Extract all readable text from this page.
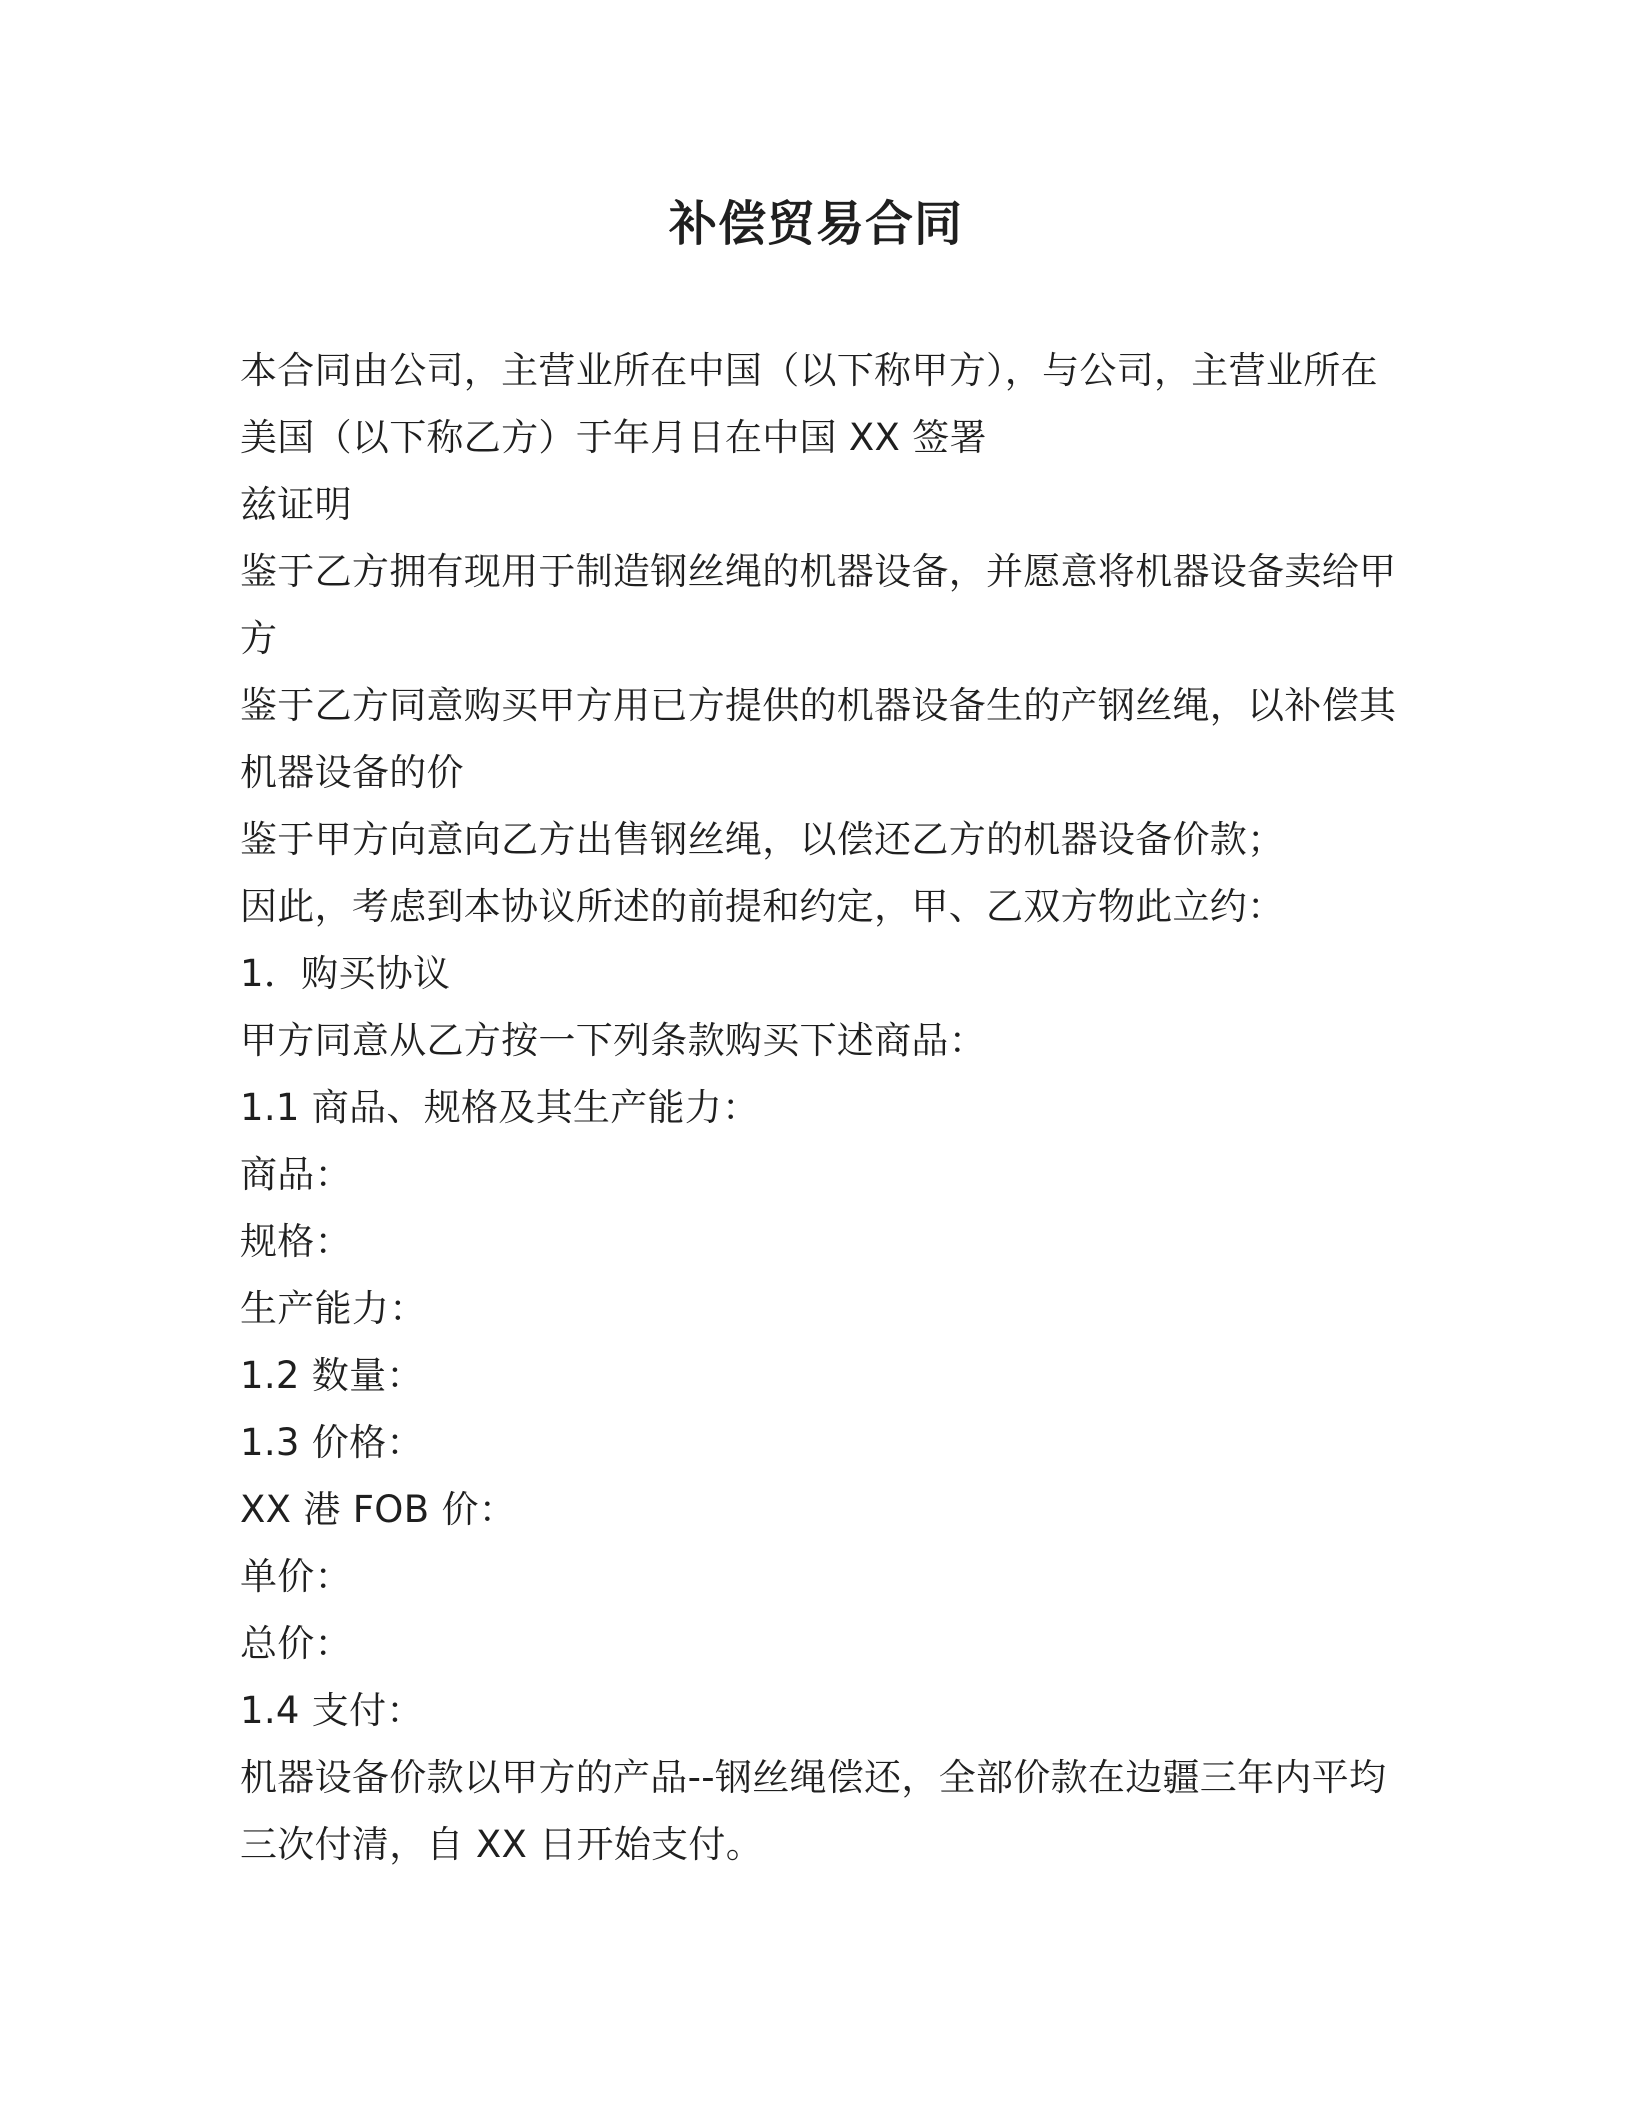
补偿贸易合同

本合同由公司，主营业所在中国（以下称甲方），与公司，主营业所在美国（以下称乙方）于年月日在中国 XX 签署

兹证明

鉴于乙方拥有现用于制造钢丝绳的机器设备，并愿意将机器设备卖给甲方

鉴于乙方同意购买甲方用已方提供的机器设备生的产钢丝绳，以补偿其机器设备的价

鉴于甲方向意向乙方出售钢丝绳，以偿还乙方的机器设备价款；

因此，考虑到本协议所述的前提和约定，甲、乙双方物此立约：

1．购买协议

甲方同意从乙方按一下列条款购买下述商品：

1.1 商品、规格及其生产能力：

商品：

规格：

生产能力：

1.2 数量：

1.3 价格：

XX 港 FOB 价：

单价：

总价：

1.4 支付：

机器设备价款以甲方的产品--钢丝绳偿还，全部价款在边疆三年内平均三次付清，自 XX 日开始支付。
